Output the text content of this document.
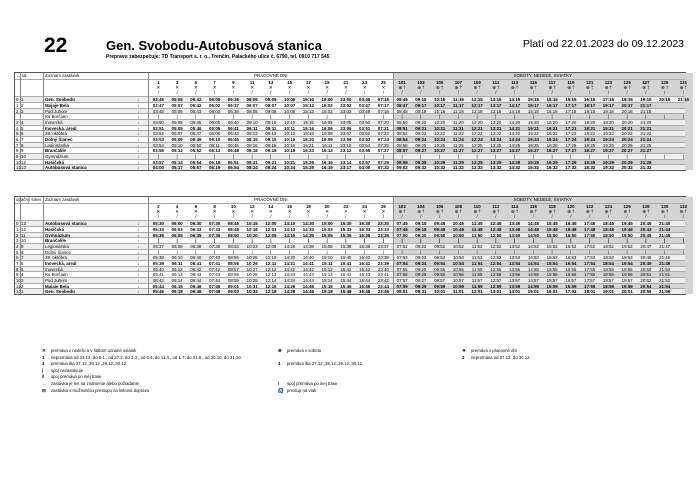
22	Gen. Svobodu-Autobusová stanica	Platí od 22.01.2023 do 09.12.2023
Prepravu zabezpečuje: TD Transport s. r. o., Trenčín, Palackého ulice č. 6790, tel. 0910 717 545
← 16	Zoznam zastávok	PRACOVNÉ DNI	SOBOTY, NEDEĽE, SVIATKY
1	3	5	7	9	11	13	15	17	19	21	23	25	101	103	105	107	109	111	113	115	117	119	121	123	125	127	129	131
✕	✕	✕	✕	✕	✕	✕	✕	✕	✕	✕	✕	✕	⊕ †	⊕ †	⊕ †	⊕ †	⊕ †	⊕ †	⊕ †	⊕ †	⊕ †	⊕ †	⊕ †	⊕ †	⊕ †	⊕ †	⊕ †	⊕ †
/	/	/	/	/	/	/	/	/	/	/	/	/	/	/	/	/	/	/	/	/	/	/	/	/	/	/	/	/
0 1	Gen. Svobodu	↓	03:45	05:05	05:42	06:00	06:36	08:05	09:05	10:05	15:10	16:00	23:00	03:45	07:15	08:45	09:15	10:15	11:15	12:15	13:15	14:15	15:15	15:15	15:15	16:15	17:15	18:15	19:15	20:15	21:15
1 2	Majaje Bela	↓	03:47	05:07	05:42	05:02	06:37	06:07	09:07	10:07	15:12	16:02	23:02	03:47	07:17	08:47	09:17	10:17	11:17	12:17	13:17	14:17	15:17	16:17	17:17	18:17	19:17	20:17	21:17
2 3	Pod Juhom	↓	03:48	05:08	05:43	06:03	06:38	08:08	09:08	10:08	15:13	16:03	23:03	03:48	07:18	08:48	09:18	10:18	11:18	12:18	13:18	14:18	15:18	16:18	17:18	18:18	19:18	20:18	21:18
Ku Borčiam	↓	|	|	|	|	|	|	|	|	|	|	|	|	|	|	|	|	|	|	|	|	|	|	|	|	|	|	|	|	|
3 4	Inovecká	↓	03:50	05:06	05:45	06:05	06:40	08:10	09:10	10:10	15:15	16:05	23:05	03:50	07:20	08:50	09:20	10:20	11:20	12:20	13:20	14:20	15:20	16:20	17:20	18:20	19:20	20:20	21:20
4 5	Inovecká, areál	↓	03:51	05:05	05:46	05:05	06:41	06:11	09:11	10:11	15:16	16:06	23:06	03:51	07:21	08:51	09:21	10:21	11:21	12:21	13:21	14:21	15:21	16:21	17:21	18:21	19:21	20:21	21:21
5 6	28. októbra	↓	03:52	05:07	05:47	06:08	06:43	08:13	09:13	10:13	15:18	16:08	23:07	03:52	07:22	08:52	09:22	10:22	11:22	12:22	13:22	14:22	15:22	16:22	17:22	18:22	19:22	20:22	21:22
6 7	Dolný Šianec	↓	03:53	05:09	05:49	06:10	06:45	08:15	09:15	10:15	15:20	16:09	23:09	03:53	07:24	08:54	09:24	10:24	11:24	12:24	13:24	14:24	15:24	16:24	17:24	18:24	19:24	20:24	21:24
7 8	Legionárska	↓	03:54	05:10	05:50	06:11	06:46	08:16	09:16	10:16	15:21	16:11	23:10	03:54	07:25	08:55	09:25	10:25	11:25	12:25	13:25	14:25	15:25	16:25	17:25	18:25	19:25	20:25	21:25
8 9	Brančalile	↓	03:55	05:12	05:52	06:13	06:48	08:18	09:18	10:18	15:23	16:13	23:12	03:55	07:27	08:57	09:27	10:27	11:27	12:27	13:27	14:27	15:27	16:27	17:27	18:27	19:27	20:27	21:27
9 10	Gymnázium	↓	|	|	|	|	|	|	|	|	|	|	|	|	|	|	|	|	|	|	|	|	|	|	|	|	|	|	|	|	|
10 12	Hasičská	↓	03:57	05:14	05:54	06:16	06:51	08:21	09:21	10:21	15:26	16:16	23:14	03:57	07:29	08:59	09:29	10:29	11:29	12:29	13:29	14:29	15:29	16:29	17:29	18:29	19:29	20:29	21:29
11 13	Autobusová stanica	↓	04:00	05:17	05:57	06:19	06:54	08:24	09:24	10:24	15:29	16:19	23:17	04:00	07:32	09:02	09:32	10:32	11:32	12:32	13:32	14:32	15:32	16:32	17:32	18:32	19:32	20:32	21:32
opačný smer Zoznam zastávok	PRACOVNÉ DNI	SOBOTY, NEDEĽE, SVIATKY
2	4	6	8	10	12	14	16	18	20	22	24	26	102	104	106	108	110	112	114	116	118	120	122	124	126	128	130	132
✕	✕	✕	✕	✕	✕	✕	✕	✕	✕	✕	✕	✕	⊕ †	⊕ †	⊕ †	⊕ †	⊕ †	⊕ †	⊕ †	⊕ †	⊕ †	⊕ †	⊕ †	⊕ †	⊕ †	⊕ †	⊕ †	⊕ †
/	/	/	/	/	/	/	/	/	/	/	/	/	/	/	/	/	/	/	/	/	/	/	/	/	/	/	/	/
0 13	Autobusová stanica	↓	05:30	06:00	06:30	07:30	08:45	10:15	12:00	14:10	14:30	15:00	15:30	16:30	23:30	07:45	09:15	09:45	10:45	11:45	12:45	13:45	14:45	15:45	16:45	17:45	18:45	19:45	20:45	21:40
1 12	Hasičská	↓	05:33	06:03	06:33	07:33	08:48	10:18	12:03	14:13	14:33	15:03	15:33	16:33	23:33	07:48	09:18	09:48	10:48	11:48	12:48	13:48	14:48	15:48	16:48	17:48	18:48	19:48	20:43	21:43
2 11	Gymnázium	↓	05:35	06:05	06:35	07:35	08:50	10:20	12:05	14:15	14:35	15:05	15:35	16:35	23:35	07:50	09:20	09:50	10:50	11:50	12:50	13:50	14:50	15:50	16:50	17:50	18:50	19:50	20:45	21:45
3 10	Brančalile	↓	|	|	|	|	|	|	|	|	|	|	|	|	|	|	|	|	|	|	|	|	|	|	|	|	|	|	|	|	|
4 9	Legionárska	↓	05:37	06:08	06:38	07:38	08:53	10:23	12:08	14:18	14:38	15:08	15:38	16:38	23:37	07:52	09:22	09:52	10:52	11:52	12:52	13:52	14:52	15:52	16:52	17:52	18:52	19:52	20:47	21:47
5 8	Dolný Šianec	↓	|	|	|	|	|	|	|	|	|	|	|	|	|	|	|	|	|	|	|	|	|	|	|	|	|	|	|	|	|
6 7	28. októbra	↓	05:38	06:10	06:40	07:40	08:55	10:25	12:10	14:20	14:40	15:10	15:40	16:40	23:38	07:53	09:23	09:53	10:53	11:53	12:53	13:53	14:53	15:53	16:53	17:53	18:53	19:53	20:48	21:48
7 6	Inovecká, areál	↓	05:39	06:11	06:41	07:41	08:56	10:26	12:11	14:21	14:41	15:11	15:41	16:41	23:39	07:54	09:24	09:54	10:54	11:54	12:54	13:54	14:54	15:54	16:54	17:54	18:54	19:54	20:49	21:49
8 5	Inovecká	↓	05:40	06:12	06:42	07:42	08:57	10:27	12:12	14:22	14:42	15:12	15:42	16:42	23:40	07:55	09:25	09:55	10:55	11:55	12:55	13:55	14:55	15:55	16:55	17:55	18:55	19:55	20:50	21:50
9 4	Ku Borčiam	↓	05:41	06:13	06:43	07:43	08:58	10:28	12:13	14:23	14:43	15:13	15:43	16:43	23:41	07:56	09:26	09:56	10:56	11:56	12:56	13:56	14:56	15:56	16:56	17:56	18:56	19:56	20:51	21:51
10 3	Pod Juhom	↓	05:42	06:14	06:44	07:44	08:59	10:29	12:14	14:24	14:44	15:14	15:44	16:44	23:42	07:57	09:27	09:57	10:57	11:57	12:57	13:57	14:57	15:57	16:57	17:57	18:57	19:57	20:52	21:52
11 2	Majaje Bela	↓	05:44	06:16	06:46	07:46	09:01	10:31	12:16	14:26	14:46	15:16	15:46	16:46	23:44	07:59	09:29	09:59	10:59	11:59	12:59	13:59	14:59	15:59	16:59	17:59	18:59	19:59	20:54	21:54
12 1	Gen. Svobodu	↓	05:46	06:18	06:48	07:48	09:03	10:33	12:18	14:28	14:48	15:18	15:48	16:48	23:46	08:01	09:31	10:01	11:01	12:01	13:01	14:01	15:01	16:01	17:01	18:01	19:01	20:01	20:56	21:56
✕ premáva v nedeľu a v štátom uznané sviatok	⊕ premáva v sobotu	☀ premáva v pracovné dni
1 nepremáva od 23.12. do 6.1., od 27.2. do 3.3., od 6.4. do 11.4., od 1.7. do 31.8., od 30.10. do 31.10.	2 nepremáva od 27.12. do 30.12.
3 premáva iba 27.12.,28.12.,29.12.,30.12.	4 premáva iba 27.12.,28.12.,29.12.,30.12.
| spoj nezastavuje
‖ spoj premáva po inej trase
→ zastávka je len na znamenie alebo požiadanie	/ spoj premáva po inej trase
⊟ zastávka s možnosťou prestupu na linkovú dopravu	♿ prestup na vlak
